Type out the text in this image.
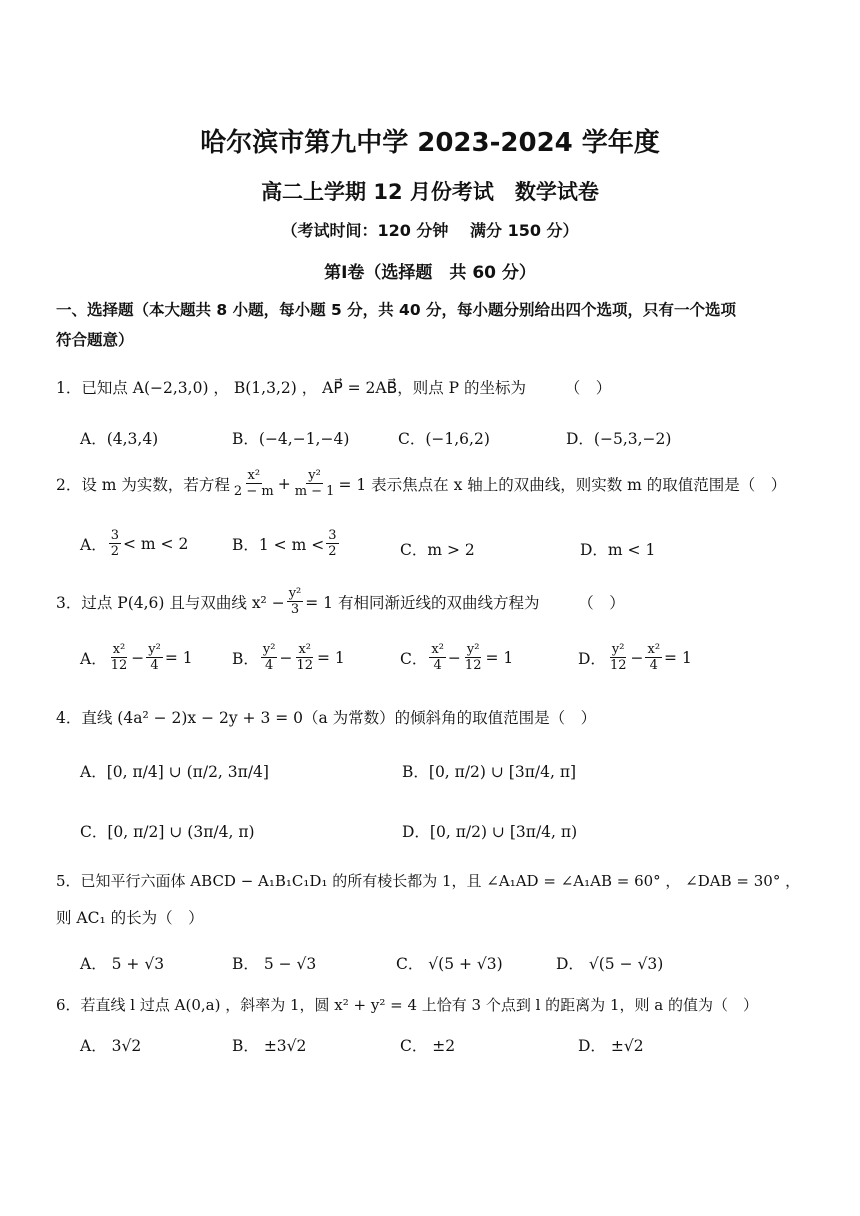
哈尔滨市第九中学 2023-2024 学年度
高二上学期 12 月份考试　数学试卷
（考试时间：120 分钟　 满分 150 分）
第Ⅰ卷（选择题　共 60 分）
一、选择题（本大题共 8 小题，每小题 5 分，共 40 分，每小题分别给出四个选项，只有一个选项
符合题意）
1．已知点 A(−2,3,0) ， B(1,3,2) ， AP⃗ = 2AB⃗，则点 P 的坐标为　　　（　）
A．(4,3,4)	B．(−4,−1,−4)	C．(−1,6,2)	D．(−5,3,−2)
2．设 m 为实数，若方程 $\frac{\text{x²}}{2 - m} + \frac{\text{y²}}{m - 1} = 1$ 表示焦点在 x 轴上的双曲线，则实数 m 的取值范围是（　）
A． $\frac{3}{2} < m < 2$	B．$1 < m < \frac{3}{2}$	C．m > 2	D．m < 1
3．过点 P(4,6) 且与双曲线 $x^2 - \frac{\text{y²}}{3} = 1$ 有相同渐近线的双曲线方程为　　　（　）
A． $\frac{\text{x²}}{12} - \frac{\text{y²}}{4} = 1$	B． $\frac{\text{y²}}{4} - \frac{\text{x²}}{12} = 1$	C． $\frac{\text{x²}}{4} - \frac{\text{y²}}{12} = 1$	D． $\frac{\text{y²}}{12} - \frac{\text{x²}}{4} = 1$
4．直线 (4a² − 2)x − 2y + 3 = 0（a 为常数）的倾斜角的取值范围是（　）
A．[0, π/4] ∪ (π/2, 3π/4]	B．[0, π/2) ∪ [3π/4, π]
C．[0, π/2] ∪ (3π/4, π)	D．[0, π/2) ∪ [3π/4, π)
5．已知平行六面体 ABCD − A₁B₁C₁D₁ 的所有棱长都为 1，且 ∠A₁AD = ∠A₁AB = 60° ， ∠DAB = 30° ，
则 AC₁ 的长为（　）
A． 5 + √3	B． 5 − √3	C． √(5 + √3)	D． √(5 − √3)
6．若直线 l 过点 A(0,a) ，斜率为 1，圆 x² + y² = 4 上恰有 3 个点到 l 的距离为 1，则 a 的值为（　）
A． 3√2	B． ±3√2	C． ±2	D． ±√2
